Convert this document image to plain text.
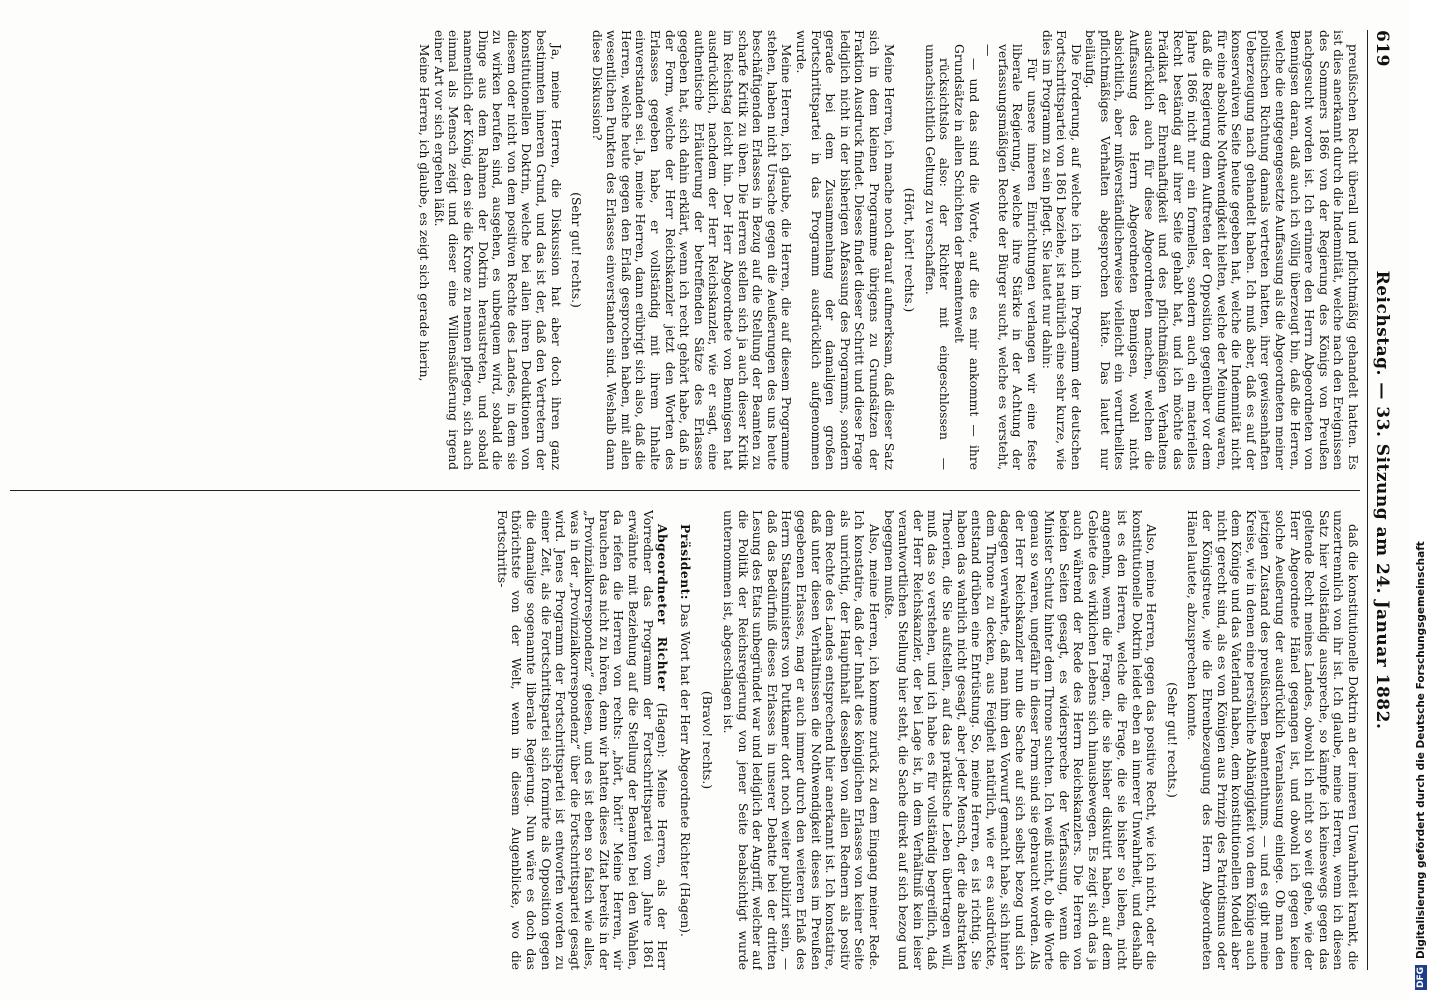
619
Reichstag. — 33. Sitzung am 24. Januar 1882.

preußischen Recht überall und pflichtmäßig gehandelt hatten. Es ist dies anerkannt durch die Indemnität, welche nach den Ereignissen des Sommers 1866 von der Regierung des Königs von Preußen nachgesucht worden ist. Ich erinnere den Herrn Abgeordneten von Bennigsen daran, daß auch ich völlig überzeugt bin, daß die Herren, welche die entgegengesetzte Auffassung als die Abgeordneten meiner politischen Richtung damals vertreten hatten, ihrer gewissenhaften Ueberzeugung nach gehandelt haben. Ich muß aber, daß es auf der konservativen Seite heute gegeben hat, welche die Indemnität nicht für eine absolute Nothwendigkeit hielten, welche der Meinung waren, daß die Regierung dem Auftreten der Opposition gegenüber vor dem Jahre 1866 nicht nur ein formelles, sondern auch ein materielles Recht beständig auf ihrer Seite gehabt hat, und ich möchte das Prädikat der Ehrenhaftigkeit und des pflichtmäßigen Verhaltens ausdrücklich auch für diese Abgeordneten machen, welchen die Auffassung des Herrn Abgeordneten Bennigsen, wohl nicht absichtlich, aber mißverständlicherweise vielleicht ein verurtheiltes pflichtmäßiges Verhalten abgesprochen hätte. Das lautet nur beiläufig.

Die Forderung, auf welche ich mich im Programm der deutschen Fortschrittspartei von 1861 beziehe, ist natürlich eine sehr kurze, wie dies im Programm zu sein pflegt. Sie lautet nur dahin:

Für unsere inneren Einrichtungen verlangen wir eine feste liberale Regierung, welche ihre Stärke in der Achtung der verfassungsmäßigen Rechte der Bürger sucht, welche es versteht, —

— und das sind die Worte, auf die es mir ankommt — ihre Grundsätze in allen Schichten der Beamtenwelt

rücksichtslos also: der Richter mit eingeschlossen — unnachsichtlich Geltung zu verschaffen.

(Hört, hört! rechts.)

Meine Herren, ich mache noch darauf aufmerksam, daß dieser Satz sich in dem kleinen Programme übrigens zu Grundsätzen der Fraktion Ausdruck findet. Dieses findet dieser Schritt und diese Frage lediglich nicht in der bisherigen Abfassung des Programms, sondern gerade bei dem Zusammenhang der damaligen großen Fortschrittspartei in das Programm ausdrücklich aufgenommen wurde.

Meine Herren, ich glaube, die Herren, die auf diesem Programme stehen, haben nicht Ursache gegen die Aeußerungen des uns heute beschäftigenden Erlasses in Bezug auf die Stellung der Beamten zu scharfe Kritik zu üben. Die Herren stellen sich ja auch dieser Kritik im Reichstag leicht hin. Der Herr Abgeordnete von Bennigsen hat ausdrücklich, nachdem der Herr Reichskanzler, wie er sagt, eine authentische Erläuterung der betreffenden Sätze des Erlasses gegeben hat, sich dahin erklärt, wenn ich recht gehört habe, daß in der Form, welche der Herr Reichskanzler jetzt den Worten des Erlasses gegeben habe, er vollständig mit ihrem Inhalte einverstanden sei. Ja, meine Herren, dann erübrigt sich also, daß die Herren, welche heute gegen den Erlaß gesprochen haben, mit allen wesentlichen Punkten des Erlasses einverstanden sind. Weshalb dann diese Diskussion?

(Sehr gut! rechts.)

Ja, meine Herren, die Diskussion hat aber doch ihren ganz bestimmten inneren Grund, und das ist der, daß den Vertretern der konstitutionellen Doktrin, welche bei allen ihren Deduktionen von diesem oder nicht von dem positiven Rechte des Landes, in dem sie zu wirken berufen sind, ausgehen, es unbequem wird, sobald die Dinge aus dem Rahmen der Doktrin heraustreten, und sobald namentlich der König, den sie die Krone zu nennen pflegen, sich auch einmal als Mensch zeigt und dieser eine Willensäußerung irgend einer Art vor sich ergehen läßt.

Meine Herren, ich glaube, es zeigt sich gerade hierin,

daß die konstitutionelle Doktrin an der inneren Unwahrheit krankt, die unzertrennlich von ihr ist. Ich glaube, meine Herren, wenn ich diesen Satz hier vollständig ausspreche, so kämpfe ich keineswegs gegen das geltende Recht meines Landes, obwohl ich nicht so weit gehe, wie der Herr Abgeordnete Hänel gegangen ist, und obwohl ich gegen keine solche Aeußerung der ausdrücklich Veranlassung einlege. Ob man den jetzigen Zustand des preußischen Beamtenthums, — und es gibt meine Kreise, wie in denen eine persönliche Abhängigkeit von dem Könige auch dem Könige und das Vaterland haben, dem konstitutionellen Modell aber nicht gerecht sind, als es von Königen aus Prinzip des Patriotismus oder der Königstreue, wie die Ehrenbezeugung des Herrn Abgeordneten Hänel lautete, abzusprechen konnte.

(Sehr gut! rechts.)

Also, meine Herren, gegen das positive Recht, wie ich nicht, oder die konstitutionelle Doktrin leidet eben an innerer Unwahrheit, und deshalb ist es den Herren, welche die Frage, die sie bisher so lieben, nicht angenehm, wenn die Fragen, die sie bisher diskutirt haben, auf dem Gebiete des wirklichen Lebens sich hinausbewegen. Es zeigt sich das ja auch während der Rede des Herrn Reichskanzlers. Die Herren von beiden Seiten gesagt, es widerspreche der Verfassung, wenn die Minister Schutz hinter dem Throne suchten. Ich weiß nicht, ob die Worte genau so waren, ungefähr in dieser Form sind sie gebraucht worden. Als der Herr Reichskanzler nun die Sache auf sich selbst bezog und sich dagegen verwahrte, daß man ihm den Vorwurf gemacht habe, sich hinter dem Throne zu decken, aus Feigheit natürlich, wie er es ausdrückte, entstand drüben eine Entrüstung. So, meine Herren, es ist richtig. Sie haben das wahrlich nicht gesagt, aber jeder Mensch, der die abstrakten Theorien, die Sie aufstellen, auf das praktische Leben übertragen will, muß das so verstehen, und ich habe es für vollständig begreiflich, daß der Herr Reichskanzler, der bei Lage ist, in dem Verhältniß kein leiser verantwortlichen Stellung hier steht, die Sache direkt auf sich bezog und begegnen mußte.

Also, meine Herren, ich komme zurück zu dem Eingang meiner Rede. Ich konstatire, daß der Inhalt des königlichen Erlasses von keiner Seite als unrichtig, der Hauptinhalt desselben von allen Rednern als positiv dem Rechte des Landes entsprechend hier anerkannt ist. Ich konstatire, daß unter diesen Verhältnissen die Nothwendigkeit dieses im Preußen gegebenen Erlasses, mag er auch immer durch den weiteren Erlaß des Herrn Staatsministers von Puttkamer dort noch weiter publizirt sein, — daß das Bedürfniß dieses Erlasses in unserer Debatte bei der dritten Lesung des Etats unbegründet war und lediglich der Angriff, welcher auf die Politik der Reichsregierung von jener Seite beabsichtigt wurde unternommen ist, abgeschlagen ist.

(Bravo! rechts.)

Präsident: Das Wort hat der Herr Abgeordnete Richter (Hagen).

Abgeordneter Richter (Hagen): Meine Herren, als der Herr Vorredner das Programm der Fortschrittspartei vom Jahre 1861 erwähnte mit Beziehung auf die Stellung der Beamten bei den Wahlen, da riefen die Herren von rechts: „hört, hört!“ Meine Herren, wir brauchen das nicht zu hören, denn wir hatten dieses Zitat bereits in der „Provinzialkorrespondenz“ gelesen, und es ist eben so falsch wie alles, was in der „Provinzialkorrespondenz“ über die Fortschrittspartei gesagt wird. Jenes Programm der Fortschrittspartei ist entworfen worden zu einer Zeit, als die Fortschrittspartei sich formirte als Opposition gegen die damalige sogenannte liberale Regierung. Nun wäre es doch das thörichtste von der Welt, wenn in diesem Augenblicke, wo die Fortschritts-

DFGDigitalisierung gefördert durch die Deutsche Forschungsgemeinschaft
